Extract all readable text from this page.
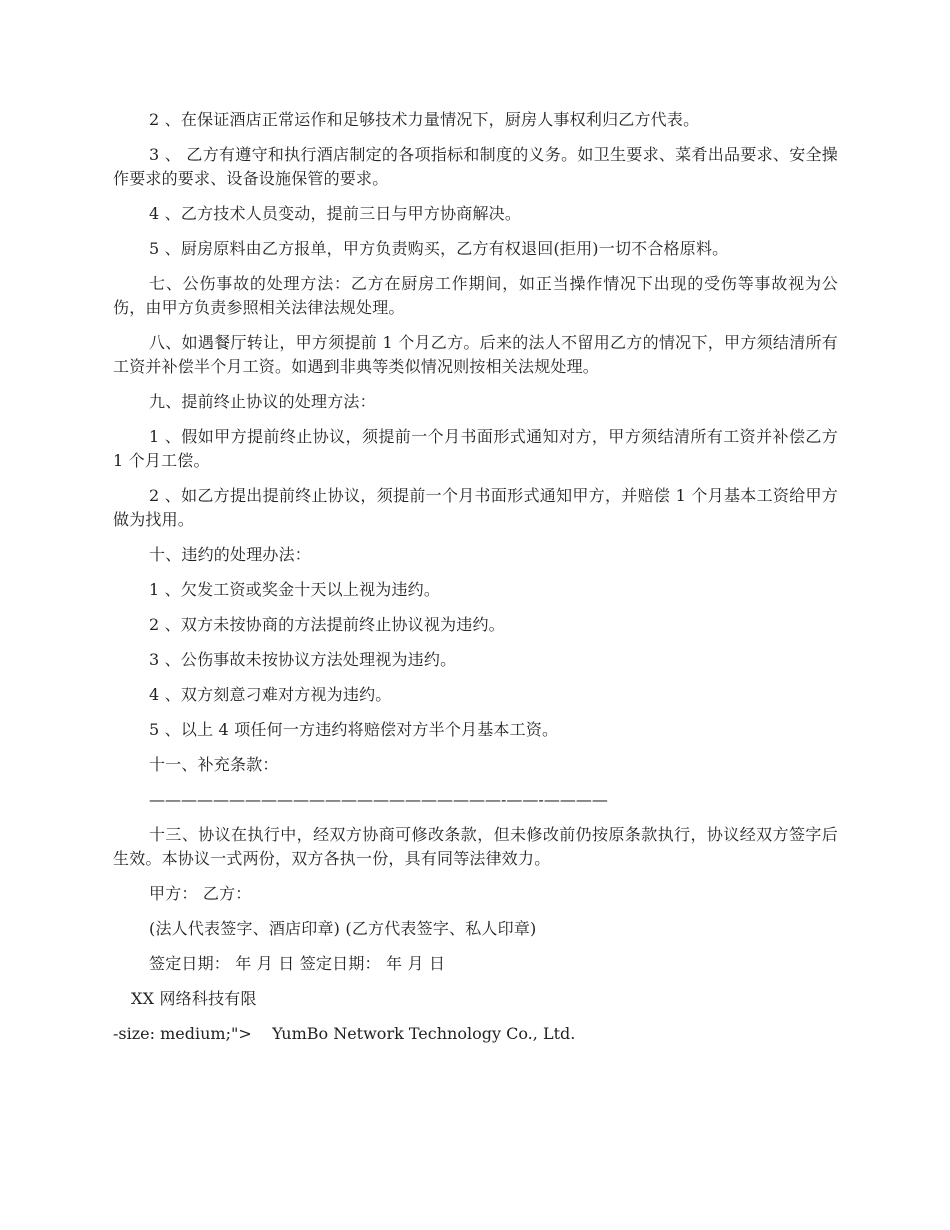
2 、在保证酒店正常运作和足够技术力量情况下，厨房人事权利归乙方代表。

3 、 乙方有遵守和执行酒店制定的各项指标和制度的义务。如卫生要求、菜肴出品要求、安全操作要求的要求、设备设施保管的要求。

4 、乙方技术人员变动，提前三日与甲方协商解决。

5 、厨房原料由乙方报单，甲方负责购买，乙方有权退回(拒用)一切不合格原料。

七、公伤事故的处理方法：乙方在厨房工作期间，如正当操作情况下出现的受伤等事故视为公伤，由甲方负责参照相关法律法规处理。

八、如遇餐厅转让，甲方须提前 1 个月乙方。后来的法人不留用乙方的情况下，甲方须结清所有工资并补偿半个月工资。如遇到非典等类似情况则按相关法规处理。

九、提前终止协议的处理方法：

1 、假如甲方提前终止协议，须提前一个月书面形式通知对方，甲方须结清所有工资并补偿乙方 1 个月工偿。

2 、如乙方提出提前终止协议，须提前一个月书面形式通知甲方，并赔偿 1 个月基本工资给甲方做为找用。

十、违约的处理办法：

1 、欠发工资或奖金十天以上视为违约。

2 、双方未按协商的方法提前终止协议视为违约。

3 、公伤事故未按协议方法处理视为违约。

4 、双方刻意刁难对方视为违约。

5 、以上 4 项任何一方违约将赔偿对方半个月基本工资。

十一、补充条款：

——————————————————————-——-————

十三、协议在执行中，经双方协商可修改条款，但未修改前仍按原条款执行，协议经双方签字后生效。本协议一式两份，双方各执一份，具有同等法律效力。

甲方： 乙方：

(法人代表签字、酒店印章) (乙方代表签字、私人印章)

签定日期： 年 月 日 签定日期： 年 月 日

XX 网络科技有限

-size: medium;">    YumBo Network Technology Co., Ltd.
